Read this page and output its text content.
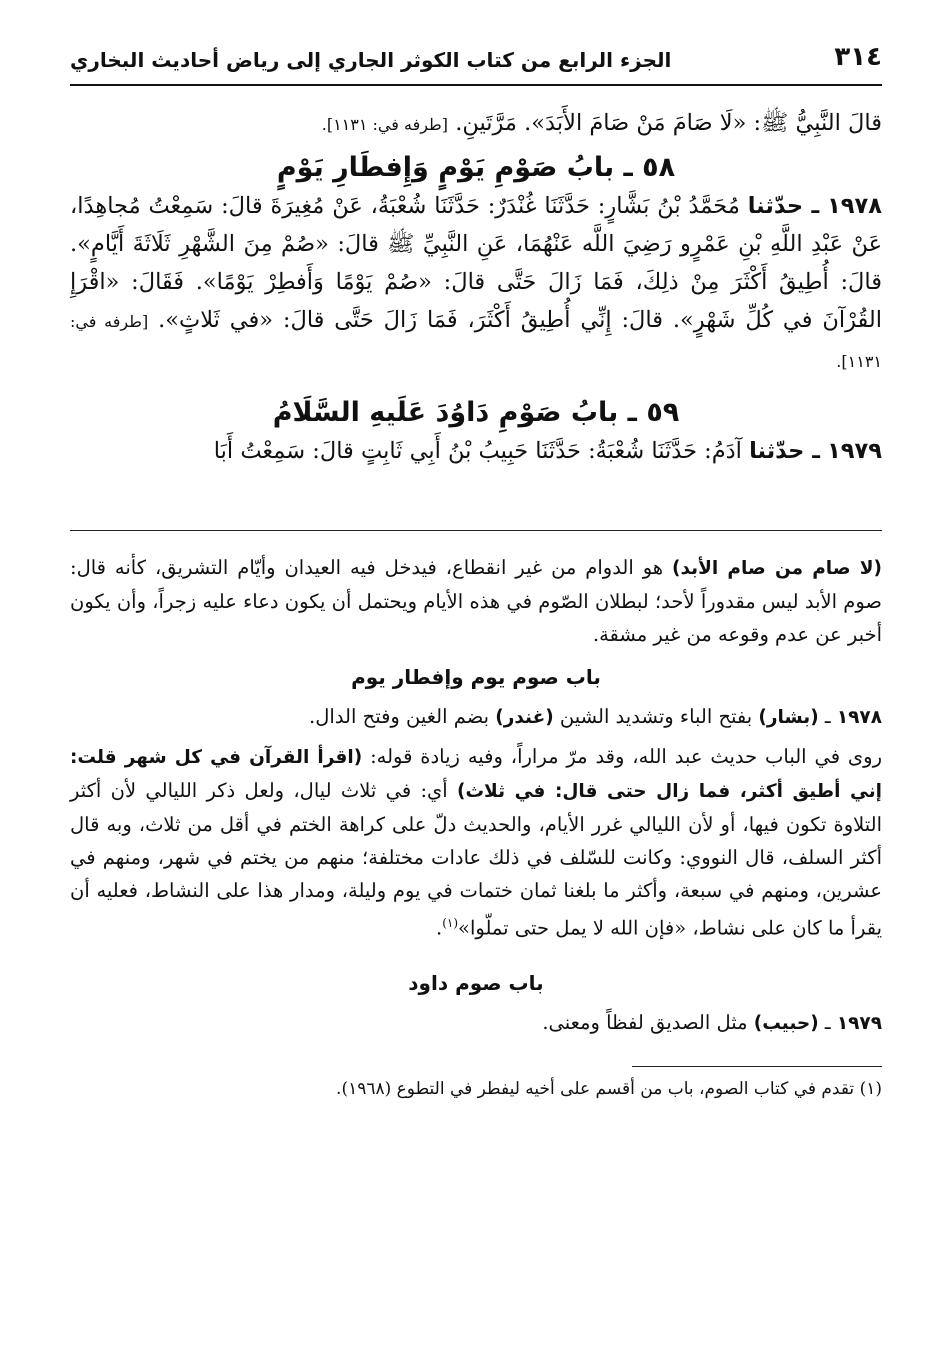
٣١٤
الجزء الرابع من كتاب الكوثر الجاري إلى رياض أحاديث البخاري
قالَ النَّبِيُّ ﷺ: «لَا صَامَ مَنْ صَامَ الأَبَدَ». مَرَّتَينِ. [طرفه في: ١١٣١].
٥٨ ـ بابُ صَوْمِ يَوْمٍ وَإِفطَارِ يَوْمٍ
١٩٧٨ ـ حدّثنا مُحَمَّدُ بْنُ بَشَّارٍ: حَدَّثَنَا غُنْدَرٌ: حَدَّثَنَا شُعْبَةُ، عَنْ مُغِيرَةَ قالَ: سَمِعْتُ مُجاهِدًا، عَنْ عَبْدِ اللَّهِ بْنِ عَمْرٍو رَضِيَ اللَّه عَنْهُمَا، عَنِ النَّبِيِّ ﷺ قالَ: «صُمْ مِنَ الشَّهْرِ ثَلَاثَةَ أَيَّامٍ». قالَ: أُطِيقُ أَكْثَرَ مِنْ ذلِكَ، فَمَا زَالَ حَتَّى قالَ: «صُمْ يَوْمًا وَأَفطِرْ يَوْمًا». فَقَالَ: «اقْرَإِ القُرْآنَ في كُلِّ شَهْرٍ». قالَ: إِنِّي أُطِيقُ أَكْثَرَ، فَمَا زَالَ حَتَّى قالَ: «في ثَلاثٍ». [طرفه في: ١١٣١].
٥٩ ـ بابُ صَوْمِ دَاوُدَ عَلَيهِ السَّلَامُ
١٩٧٩ ـ حدّثنا آدَمُ: حَدَّثَنَا شُعْبَةُ: حَدَّثَنَا حَبِيبُ بْنُ أَبِي ثَابِتٍ قالَ: سَمِعْتُ أَبَا

(لا صام من صام الأبد) هو الدوام من غير انقطاع، فيدخل فيه العيدان وأيّام التشريق، كأنه قال: صوم الأبد ليس مقدوراً لأحد؛ لبطلان الصّوم في هذه الأيام ويحتمل أن يكون دعاء عليه زجراً، وأن يكون أخبر عن عدم وقوعه من غير مشقة.

باب صوم يوم وإفطار يوم

١٩٧٨ ـ (بشار) بفتح الباء وتشديد الشين (غندر) بضم الغين وفتح الدال.

روى في الباب حديث عبد الله، وقد مرّ مراراً، وفيه زيادة قوله: (اقرأ القرآن في كل شهر قلت: إني أطيق أكثر، فما زال حتى قال: في ثلاث) أي: في ثلاث ليال، ولعل ذكر الليالي لأن أكثر التلاوة تكون فيها، أو لأن الليالي غرر الأيام، والحديث دلّ على كراهة الختم في أقل من ثلاث، وبه قال أكثر السلف، قال النووي: وكانت للسّلف في ذلك عادات مختلفة؛ منهم من يختم في شهر، ومنهم في عشرين، ومنهم في سبعة، وأكثر ما بلغنا ثمان ختمات في يوم وليلة، ومدار هذا على النشاط، فعليه أن يقرأ ما كان على نشاط، «فإن الله لا يمل حتى تملّوا»$^{(١)}$.

باب صوم داود

١٩٧٩ ـ (حبيب) مثل الصديق لفظاً ومعنى.

(١) تقدم في كتاب الصوم، باب من أقسم على أخيه ليفطر في التطوع (١٩٦٨).
